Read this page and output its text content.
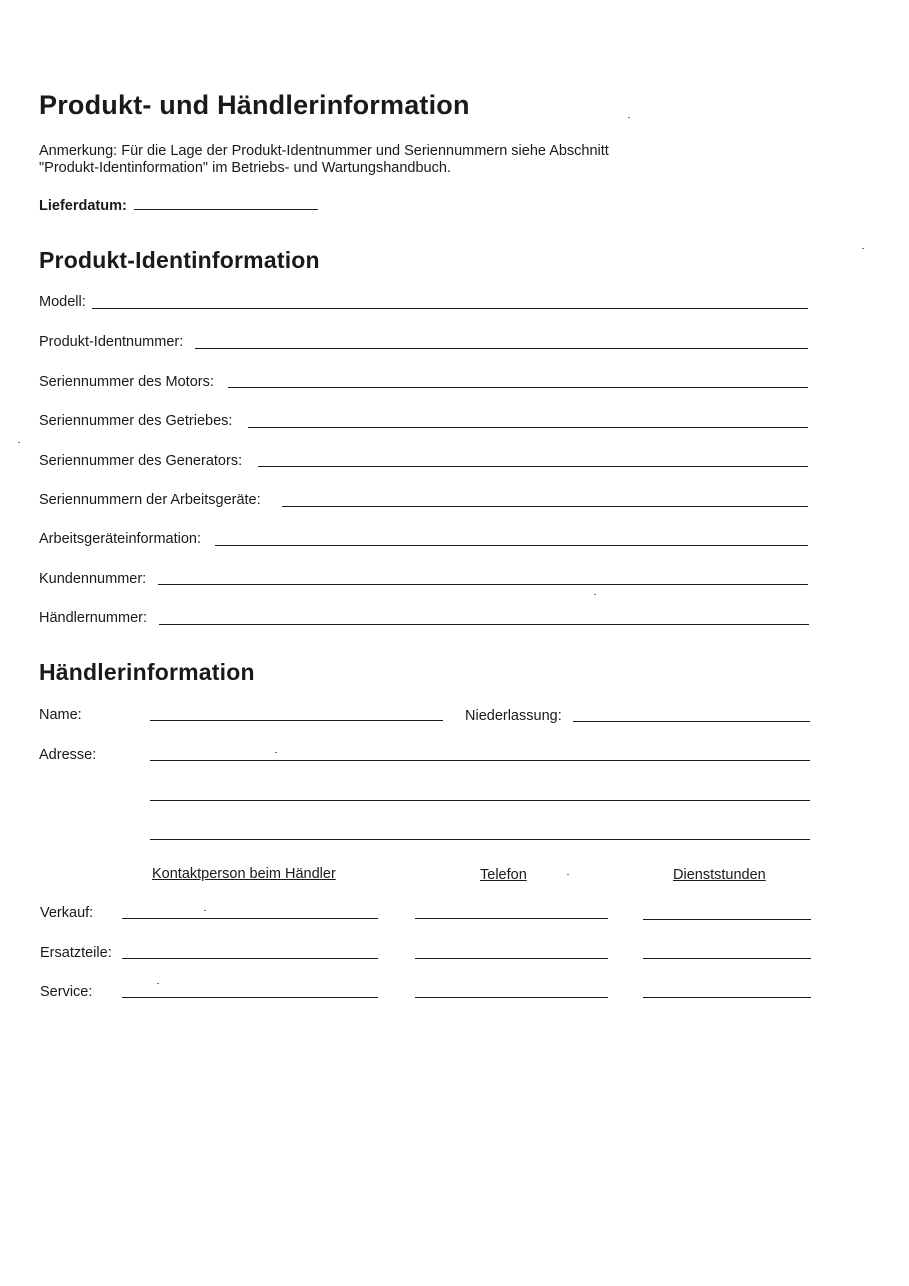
Produkt- und Händlerinformation
Anmerkung: Für die Lage der Produkt-Identnummer und Seriennummern siehe Abschnitt
"Produkt-Identinformation" im Betriebs- und Wartungshandbuch.
Lieferdatum:
Produkt-Identinformation
Modell:
Produkt-Identnummer:
Seriennummer des Motors:
Seriennummer des Getriebes:
Seriennummer des Generators:
Seriennummern der Arbeitsgeräte:
Arbeitsgeräteinformation:
Kundennummer:
Händlernummer:
Händlerinformation
Name:	Niederlassung:
Adresse:
Kontaktperson beim Händler	Telefon	Dienststunden
Verkauf:
Ersatzteile:
Service:
